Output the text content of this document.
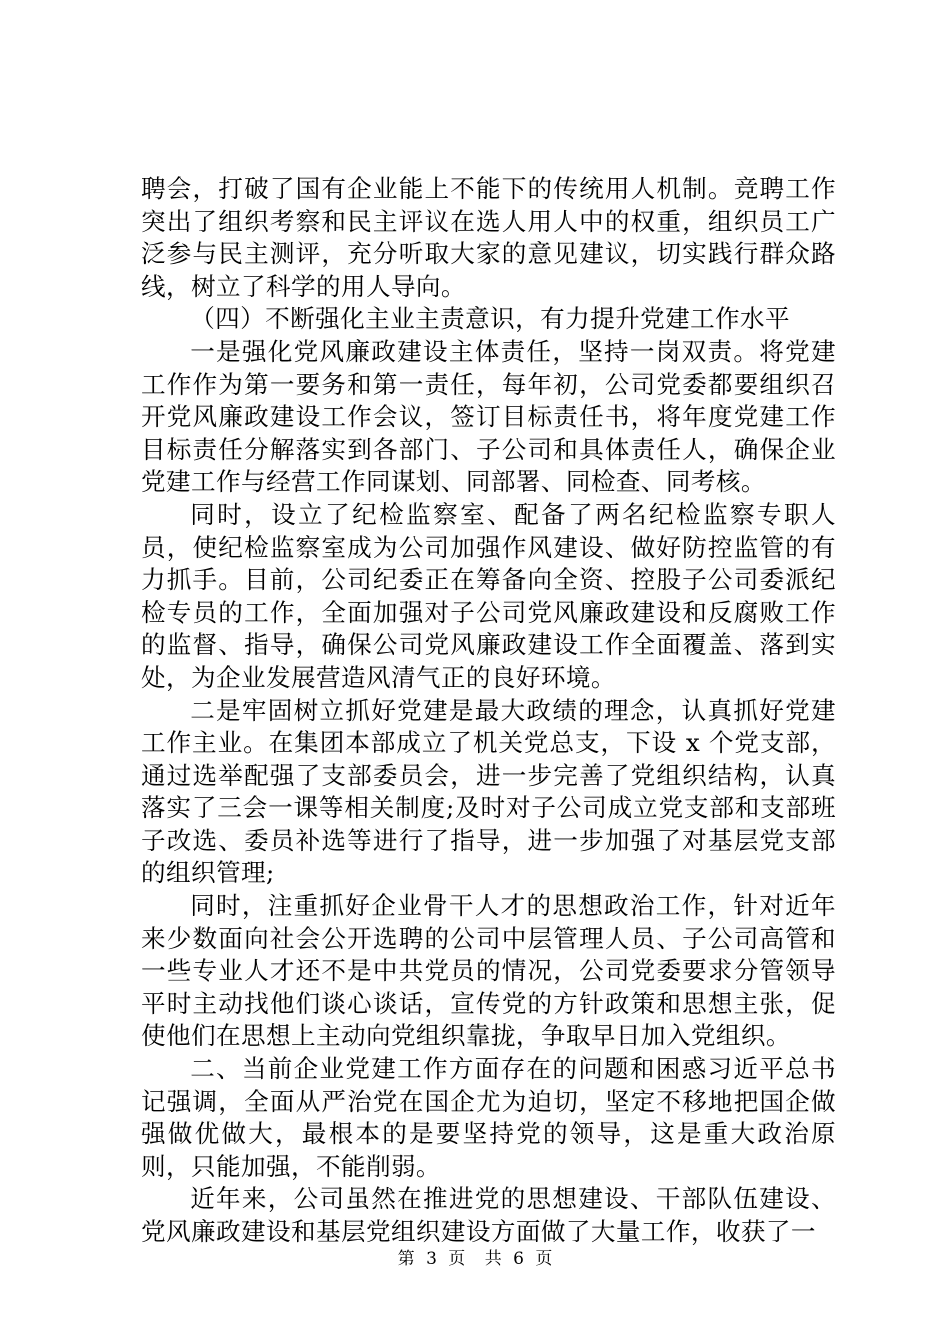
聘会，打破了国有企业能上不能下的传统用人机制。竞聘工作突出了组织考察和民主评议在选人用人中的权重，组织员工广泛参与民主测评，充分听取大家的意见建议，切实践行群众路线，树立了科学的用人导向。

（四）不断强化主业主责意识，有力提升党建工作水平

一是强化党风廉政建设主体责任，坚持一岗双责。将党建工作作为第一要务和第一责任，每年初，公司党委都要组织召开党风廉政建设工作会议，签订目标责任书，将年度党建工作目标责任分解落实到各部门、子公司和具体责任人，确保企业党建工作与经营工作同谋划、同部署、同检查、同考核。

同时，设立了纪检监察室、配备了两名纪检监察专职人员，使纪检监察室成为公司加强作风建设、做好防控监管的有力抓手。目前，公司纪委正在筹备向全资、控股子公司委派纪检专员的工作，全面加强对子公司党风廉政建设和反腐败工作的监督、指导，确保公司党风廉政建设工作全面覆盖、落到实处，为企业发展营造风清气正的良好环境。

二是牢固树立抓好党建是最大政绩的理念，认真抓好党建工作主业。在集团本部成立了机关党总支，下设 x 个党支部，通过选举配强了支部委员会，进一步完善了党组织结构，认真落实了三会一课等相关制度;及时对子公司成立党支部和支部班子改选、委员补选等进行了指导，进一步加强了对基层党支部的组织管理;

同时，注重抓好企业骨干人才的思想政治工作，针对近年来少数面向社会公开选聘的公司中层管理人员、子公司高管和一些专业人才还不是中共党员的情况，公司党委要求分管领导平时主动找他们谈心谈话，宣传党的方针政策和思想主张，促使他们在思想上主动向党组织靠拢，争取早日加入党组织。

二、当前企业党建工作方面存在的问题和困惑习近平总书记强调，全面从严治党在国企尤为迫切，坚定不移地把国企做强做优做大，最根本的是要坚持党的领导，这是重大政治原则，只能加强，不能削弱。

近年来，公司虽然在推进党的思想建设、干部队伍建设、党风廉政建设和基层党组织建设方面做了大量工作，收获了一

第 3 页 共 6 页
